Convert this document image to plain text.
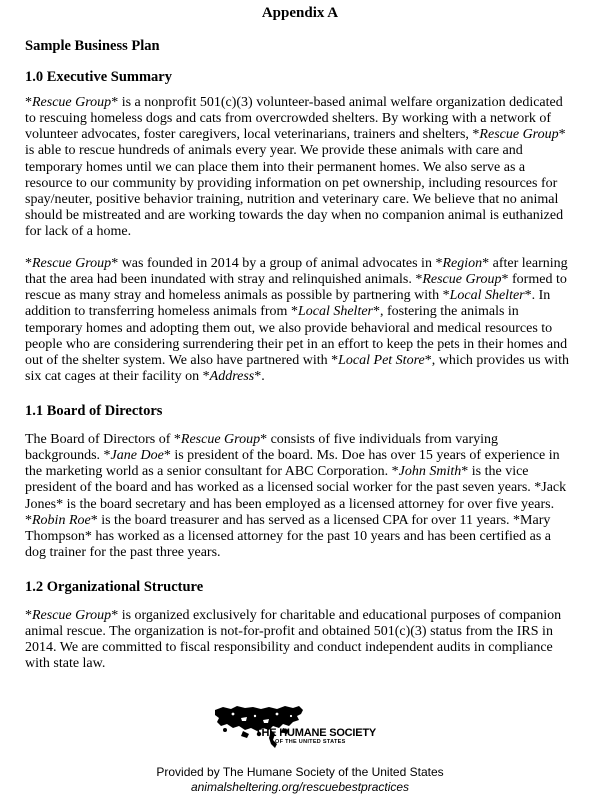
Appendix A
Sample Business Plan
1.0 Executive Summary
*Rescue Group* is a nonprofit 501(c)(3) volunteer-based animal welfare organization dedicated
to rescuing homeless dogs and cats from overcrowded shelters. By working with a network of
volunteer advocates, foster caregivers, local veterinarians, trainers and shelters, *Rescue Group*
is able to rescue hundreds of animals every year. We provide these animals with care and
temporary homes until we can place them into their permanent homes. We also serve as a
resource to our community by providing information on pet ownership, including resources for
spay/neuter, positive behavior training, nutrition and veterinary care. We believe that no animal
should be mistreated and are working towards the day when no companion animal is euthanized
for lack of a home.
*Rescue Group* was founded in 2014 by a group of animal advocates in *Region* after learning
that the area had been inundated with stray and relinquished animals. *Rescue Group* formed to
rescue as many stray and homeless animals as possible by partnering with *Local Shelter*. In
addition to transferring homeless animals from *Local Shelter*, fostering the animals in
temporary homes and adopting them out, we also provide behavioral and medical resources to
people who are considering surrendering their pet in an effort to keep the pets in their homes and
out of the shelter system. We also have partnered with *Local Pet Store*, which provides us with
six cat cages at their facility on *Address*.
1.1 Board of Directors
The Board of Directors of *Rescue Group* consists of five individuals from varying
backgrounds. *Jane Doe* is president of the board. Ms. Doe has over 15 years of experience in
the marketing world as a senior consultant for ABC Corporation. *John Smith* is the vice
president of the board and has worked as a licensed social worker for the past seven years. *Jack
Jones* is the board secretary and has been employed as a licensed attorney for over five years.
*Robin Roe* is the board treasurer and has served as a licensed CPA for over 11 years. *Mary
Thompson* has worked as a licensed attorney for the past 10 years and has been certified as a
dog trainer for the past three years.
1.2 Organizational Structure
*Rescue Group* is organized exclusively for charitable and educational purposes of companion
animal rescue. The organization is not-for-profit and obtained 501(c)(3) status from the IRS in
2014. We are committed to fiscal responsibility and conduct independent audits in compliance
with state law.
THE HUMANE SOCIETY
OF THE UNITED STATES
Provided by The Humane Society of the United States
animalsheltering.org/rescuebestpractices
